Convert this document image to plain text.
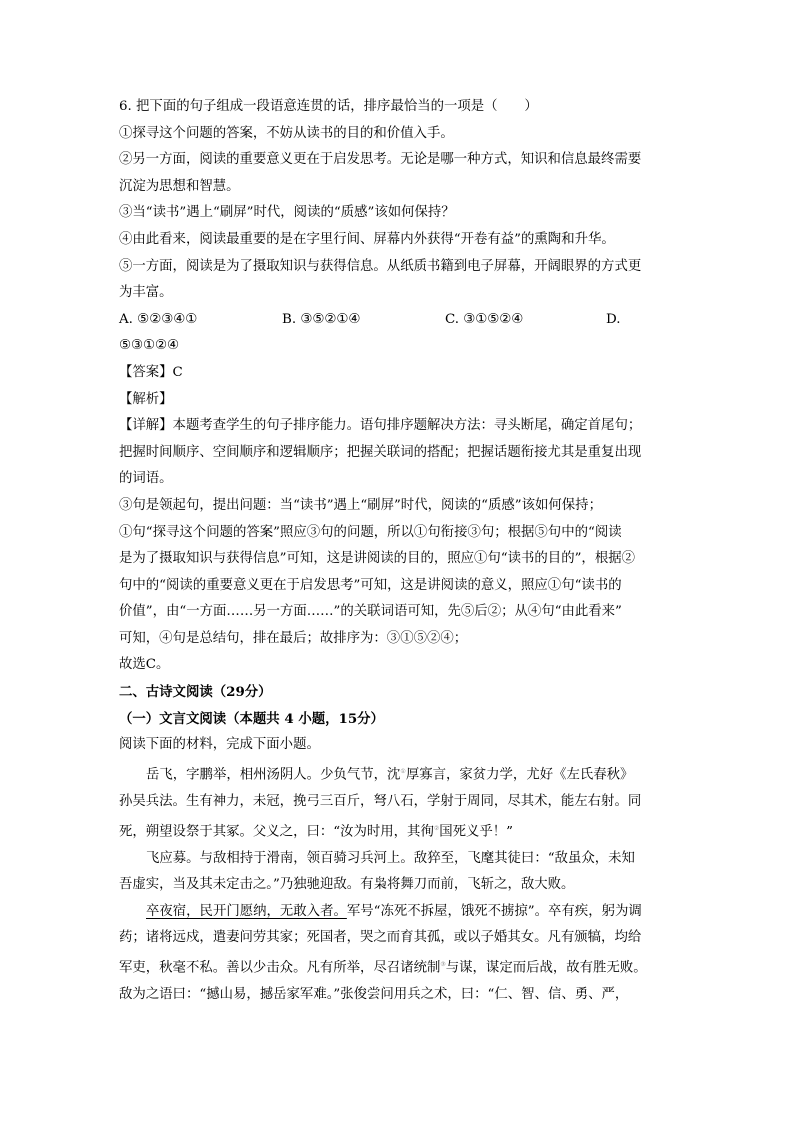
6. 把下面的句子组成一段语意连贯的话，排序最恰当的一项是（　　）

①探寻这个问题的答案，不妨从读书的目的和价值入手。

②另一方面，阅读的重要意义更在于启发思考。无论是哪一种方式，知识和信息最终需要

沉淀为思想和智慧。

③当“读书”遇上“刷屏”时代，阅读的“质感”该如何保持？

④由此看来，阅读最重要的是在字里行间、屏幕内外获得“开卷有益”的熏陶和升华。

⑤一方面，阅读是为了摄取知识与获得信息。从纸质书籍到电子屏幕，开阔眼界的方式更

为丰富。

A. ⑤②③④①	B. ③⑤②①④	C. ③①⑤②④	D.

⑤③①②④

【答案】C

【解析】

【详解】本题考查学生的句子排序能力。语句排序题解决方法：寻头断尾，确定首尾句；

把握时间顺序、空间顺序和逻辑顺序；把握关联词的搭配；把握话题衔接尤其是重复出现

的词语。

③句是领起句，提出问题：当“读书”遇上“刷屏”时代，阅读的“质感”该如何保持；

①句“探寻这个问题的答案”照应③句的问题，所以①句衔接③句；根据⑤句中的“阅读

是为了摄取知识与获得信息”可知，这是讲阅读的目的，照应①句“读书的目的”，根据②

句中的“阅读的重要意义更在于启发思考”可知，这是讲阅读的意义，照应①句“读书的

价值”，由“一方面……另一方面……”的关联词语可知，先⑤后②；从④句“由此看来”

可知，④句是总结句，排在最后；故排序为：③①⑤②④；

故选C。

二、古诗文阅读（29分）

（一）文言文阅读（本题共 4 小题，15分）

阅读下面的材料，完成下面小题。

岳飞，字鹏举，相州汤阴人。少负气节，沈①厚寡言，家贫力学，尤好《左氏春秋》

孙吴兵法。生有神力，未冠，挽弓三百斤，弩八石，学射于周同，尽其术，能左右射。同

死，朔望设祭于其冢。父义之，曰：“汝为时用，其徇②国死义乎！”

飞应募。与敌相持于滑南，领百骑习兵河上。敌猝至，飞麾其徒曰：“敌虽众，未知

吾虚实，当及其未定击之。”乃独驰迎敌。有枭将舞刀而前，飞斩之，敌大败。

卒夜宿，民开门愿纳，无敢入者。军号“冻死不拆屋，饿死不掳掠”。卒有疾，躬为调

药；诸将远戍，遣妻问劳其家；死国者，哭之而育其孤，或以子婚其女。凡有颁犒，均给

军吏，秋毫不私。善以少击众。凡有所举，尽召诸统制③与谋，谋定而后战，故有胜无败。

敌为之语曰：“撼山易，撼岳家军难。”张俊尝问用兵之术，曰：“仁、智、信、勇、严，
